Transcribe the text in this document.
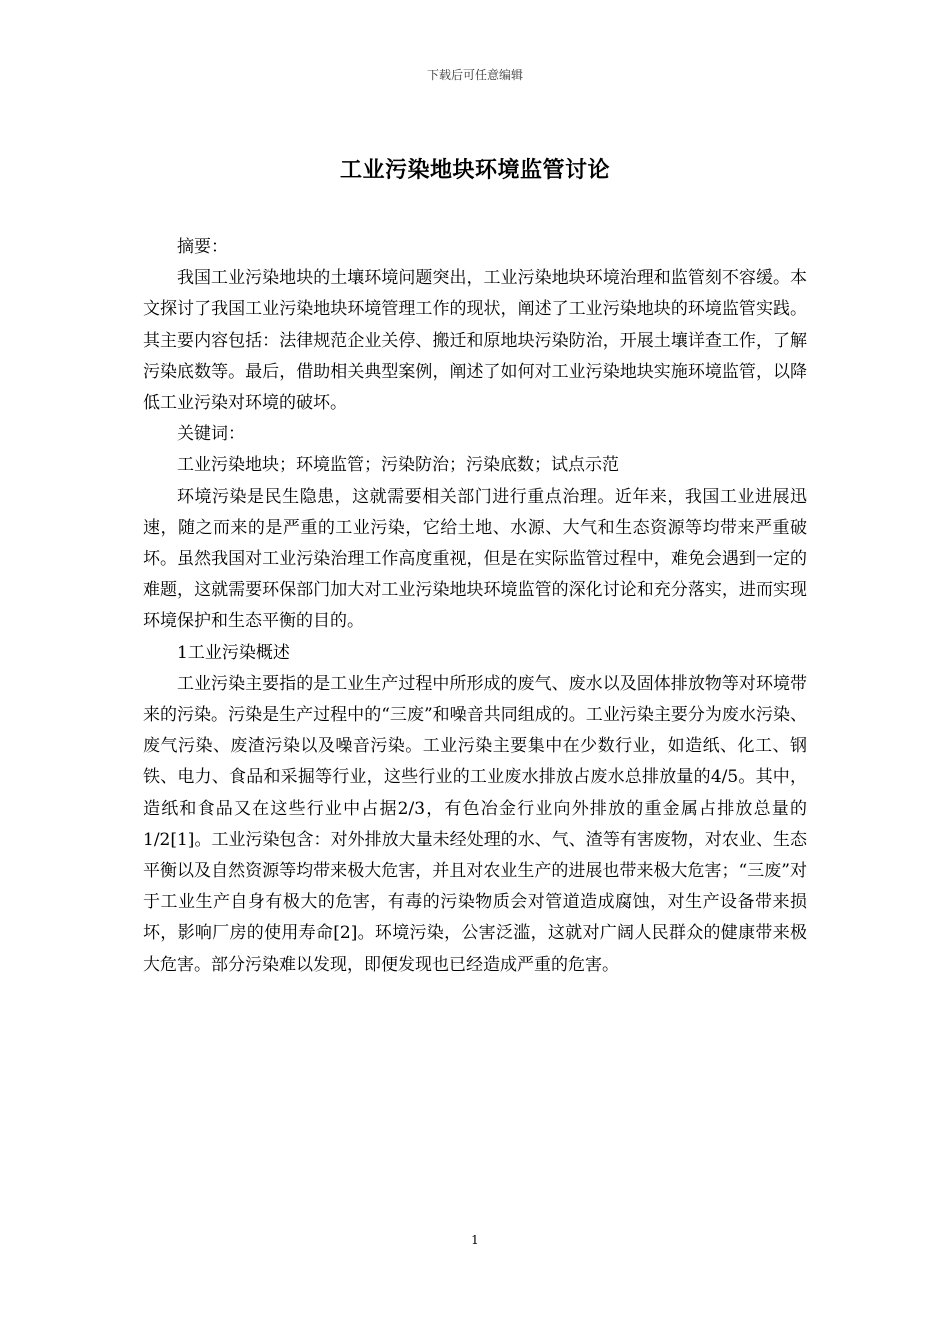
下载后可任意编辑
工业污染地块环境监管讨论

摘要：

我国工业污染地块的土壤环境问题突出，工业污染地块环境治理和监管刻不容缓。本文探讨了我国工业污染地块环境管理工作的现状，阐述了工业污染地块的环境监管实践。其主要内容包括：法律规范企业关停、搬迁和原地块污染防治，开展土壤详查工作，了解污染底数等。最后，借助相关典型案例，阐述了如何对工业污染地块实施环境监管，以降低工业污染对环境的破坏。

关键词：

工业污染地块；环境监管；污染防治；污染底数；试点示范

环境污染是民生隐患，这就需要相关部门进行重点治理。近年来，我国工业进展迅速，随之而来的是严重的工业污染，它给土地、水源、大气和生态资源等均带来严重破坏。虽然我国对工业污染治理工作高度重视，但是在实际监管过程中，难免会遇到一定的难题，这就需要环保部门加大对工业污染地块环境监管的深化讨论和充分落实，进而实现环境保护和生态平衡的目的。

1工业污染概述

工业污染主要指的是工业生产过程中所形成的废气、废水以及固体排放物等对环境带来的污染。污染是生产过程中的“三废”和噪音共同组成的。工业污染主要分为废水污染、废气污染、废渣污染以及噪音污染。工业污染主要集中在少数行业，如造纸、化工、钢铁、电力、食品和采掘等行业，这些行业的工业废水排放占废水总排放量的4/5。其中，造纸和食品又在这些行业中占据2/3，有色冶金行业向外排放的重金属占排放总量的1/2[1]。工业污染包含：对外排放大量未经处理的水、气、渣等有害废物，对农业、生态平衡以及自然资源等均带来极大危害，并且对农业生产的进展也带来极大危害；“三废”对于工业生产自身有极大的危害，有毒的污染物质会对管道造成腐蚀，对生产设备带来损坏，影响厂房的使用寿命[2]。环境污染，公害泛滥，这就对广阔人民群众的健康带来极大危害。部分污染难以发现，即便发现也已经造成严重的危害。

1
